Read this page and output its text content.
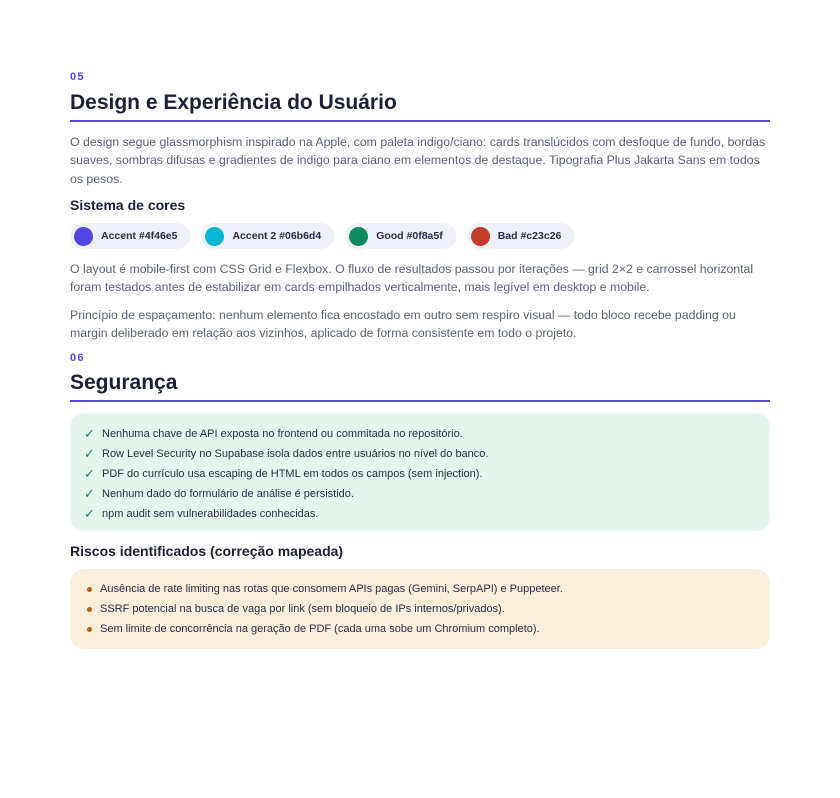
05
Design e Experiência do Usuário

O design segue glassmorphism inspirado na Apple, com paleta indigo/ciano: cards translúcidos com desfoque de fundo, bordas suaves, sombras difusas e gradientes de indigo para ciano em elementos de destaque. Tipografia Plus Jakarta Sans em todos os pesos.

Sistema de cores
Accent #4f46e5	Accent 2 #06b6d4	Good #0f8a5f	Bad #c23c26

O layout é mobile-first com CSS Grid e Flexbox. O fluxo de resultados passou por iterações — grid 2×2 e carrossel horizontal foram testados antes de estabilizar em cards empilhados verticalmente, mais legível em desktop e mobile.

Princípio de espaçamento: nenhum elemento fica encostado em outro sem respiro visual — todo bloco recebe padding ou margin deliberado em relação aos vizinhos, aplicado de forma consistente em todo o projeto.

06
Segurança
✓ Nenhuma chave de API exposta no frontend ou commitada no repositório.
✓ Row Level Security no Supabase isola dados entre usuários no nível do banco.
✓ PDF do currículo usa escaping de HTML em todos os campos (sem injection).
✓ Nenhum dado do formulário de análise é persistido.
✓ npm audit sem vulnerabilidades conhecidas.
Riscos identificados (correção mapeada)
Ausência de rate limiting nas rotas que consomem APIs pagas (Gemini, SerpAPI) e Puppeteer.
SSRF potencial na busca de vaga por link (sem bloqueio de IPs internos/privados).
Sem limite de concorrência na geração de PDF (cada uma sobe um Chromium completo).
